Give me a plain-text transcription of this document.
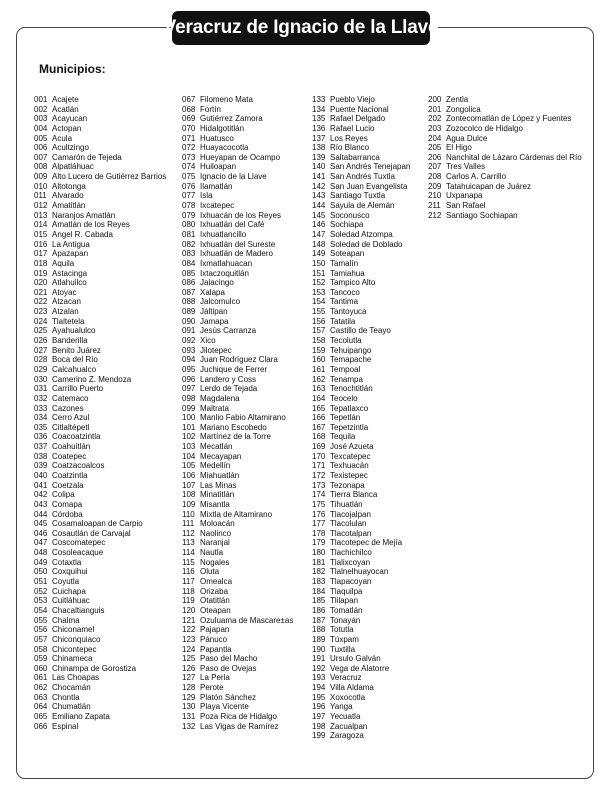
Veracruz de Ignacio de la Llave
Municipios:
001 Acajete
002 Acatlán
003 Acayucan
004 Actopan
005 Acula
006 Acultzingo
007 Camarón de Tejeda
008 Alpatláhuac
009 Alto Lucero de Gutiérrez Barrios
010 Altotonga
011 Alvarado
012 Amatitlán
013 Naranjos Amatlán
014 Amatlán de los Reyes
015 Angel R. Cabada
016 La Antigua
017 Apazapan
018 Aquila
019 Astacinga
020 Atlahuilco
021 Atoyac
022 Atzacan
023 Atzalan
024 Tlaltetela
025 Ayahualulco
026 Banderilla
027 Benito Juárez
028 Boca del Río
029 Calcahualco
030 Camerino Z. Mendoza
031 Carrillo Puerto
032 Catemaco
033 Cazones
034 Cerro Azul
035 Citlaltépetl
036 Coacoatzintla
037 Coahuitlán
038 Coatepec
039 Coatzacoalcos
040 Coatzintla
041 Coetzala
042 Colipa
043 Comapa
044 Córdoba
045 Cosamaloapan de Carpio
046 Cosautlán de Carvajal
047 Coscomatepec
048 Cosoleacaque
049 Cotaxtla
050 Coxquihui
051 Coyutla
052 Cuichapa
053 Cuitláhuac
054 Chacaltianguis
055 Chalma
056 Chiconamel
057 Chiconquiaco
058 Chicontepec
059 Chinameca
060 Chinampa de Gorostiza
061 Las Choapas
062 Chocamán
063 Chontla
064 Chumatlán
065 Emiliano Zapata
066 Espinal
067 Filomeno Mata
068 Fortín
069 Gutiérrez Zamora
070 Hidalgotitlán
071 Huatusco
072 Huayacocotla
073 Hueyapan de Ocampo
074 Huiloapan
075 Ignacio de la Llave
076 Ilamatlán
077 Isla
078 Ixcatepec
079 Ixhuacán de los Reyes
080 Ixhuatlán del Café
081 Ixhuatlancillo
082 Ixhuatlán del Sureste
083 Ixhuatlán de Madero
084 Ixmatlahuacan
085 Ixtaczoquitlán
086 Jalacingo
087 Xalapa
088 Jalcomulco
089 Jáltipan
090 Jamapa
091 Jesús Carranza
092 Xico
093 Jilotepec
094 Juan Rodríguez Clara
095 Juchique de Ferrer
096 Landero y Coss
097 Lerdo de Tejada
098 Magdalena
099 Maltrata
100 Manlio Fabio Altamirano
101 Mariano Escobedo
102 Martínez de la Torre
103 Mecatlán
104 Mecayapan
105 Medellín
106 Miahuatlán
107 Las Minas
108 Minatitlán
109 Misantla
110 Mixtla de Altamirano
111 Moloacán
112 Naolinco
113 Naranjal
114 Nautla
115 Nogales
116 Oluta
117 Omealca
118 Orizaba
119 Otatitlán
120 Oteapan
121 Ozuluama de Mascare±as
122 Pajapan
123 Pánuco
124 Papantla
125 Paso del Macho
126 Paso de Ovejas
127 La Perla
128 Perote
129 Platón Sánchez
130 Playa Vicente
131 Poza Rica de Hidalgo
132 Las Vigas de Ramírez
133 Pueblo Viejo
134 Puente Nacional
135 Rafael Delgado
136 Rafael Lucio
137 Los Reyes
138 Río Blanco
139 Saltabarranca
140 San Andrés Tenejapan
141 San Andrés Tuxtla
142 San Juan Evangelista
143 Santiago Tuxtla
144 Sayula de Alemán
145 Soconusco
146 Sochiapa
147 Soledad Atzompa
148 Soledad de Doblado
149 Soteapan
150 Tamalín
151 Tamiahua
152 Tampico Alto
153 Tancoco
154 Tantima
155 Tantoyuca
156 Tatatila
157 Castillo de Teayo
158 Tecolutla
159 Tehuipango
160 Temapache
161 Tempoal
162 Tenampa
163 Tenochtitlán
164 Teocelo
165 Tepatlaxco
166 Tepetlán
167 Tepetzintla
168 Tequila
169 José Azueta
170 Texcatepec
171 Texhuacán
172 Texistepec
173 Tezonapa
174 Tierra Blanca
175 Tihuatlán
176 Tlacojalpan
177 Tlacolulan
178 Tlacotalpan
179 Tlacotepec de Mejía
180 Tlachichilco
181 Tlalixcoyan
182 Tlalnelhuayocan
183 Tlapacoyan
184 Tlaquilpa
185 Tlilapan
186 Tomatlán
187 Tonayán
188 Totutla
189 Túxpam
190 Tuxtilla
191 Ursulo Galván
192 Vega de Alatorre
193 Veracruz
194 Villa Aldama
195 Xoxocotla
196 Yanga
197 Yecuatla
198 Zacualpan
199 Zaragoza
200 Zentla
201 Zongolica
202 Zontecomatlán de López y Fuentes
203 Zozocolco de Hidalgo
204 Agua Dulce
205 El Higo
206 Nanchital de Lázaro Cárdenas del Río
207 Tres Valles
208 Carlos A. Carrillo
209 Tatahuicapan de Juárez
210 Uxpanapa
211 San Rafael
212 Santiago Sochiapan
